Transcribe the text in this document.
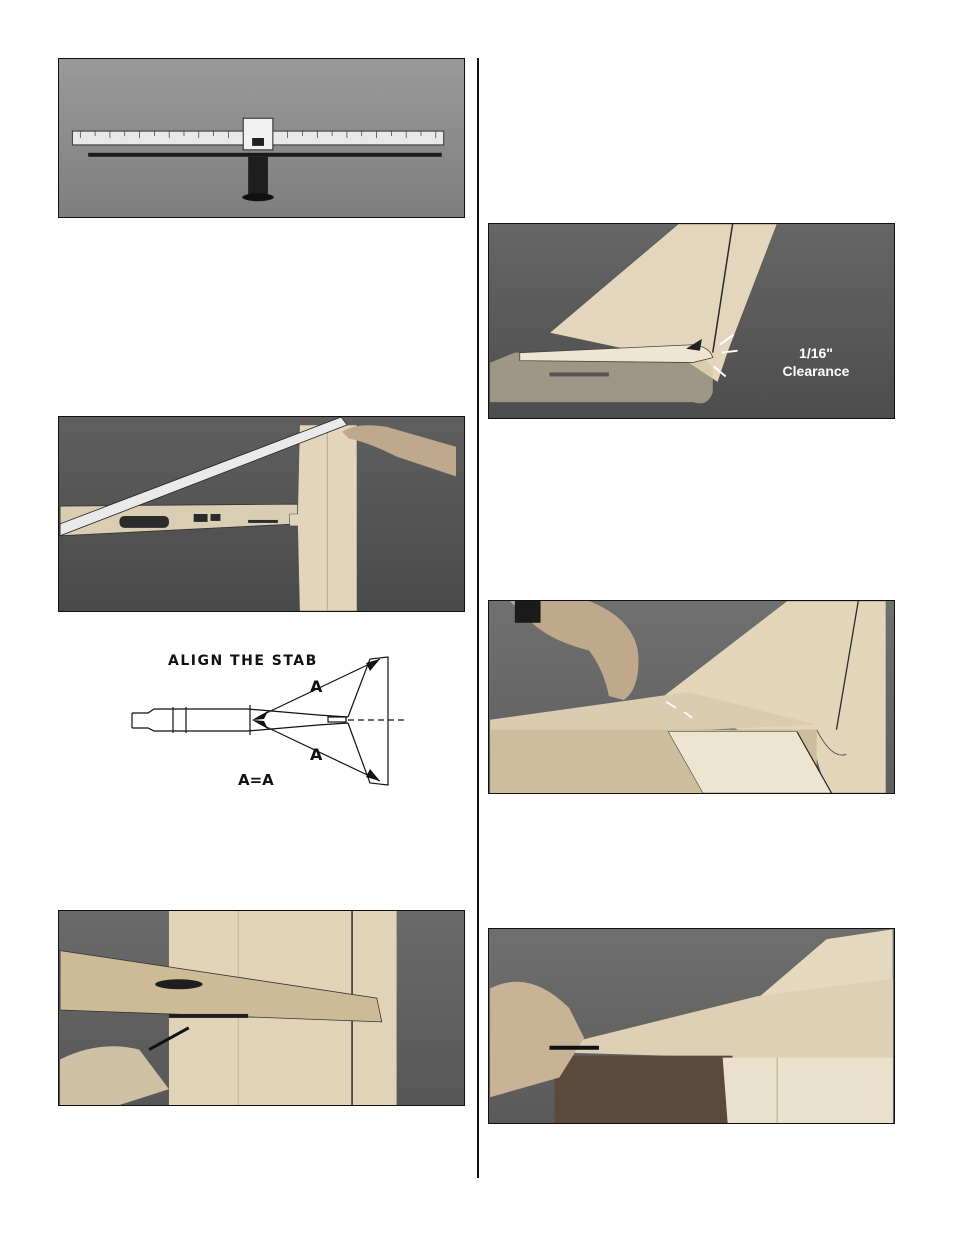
ALIGN THE STAB
A
A
A=A
1/16"
Clearance
